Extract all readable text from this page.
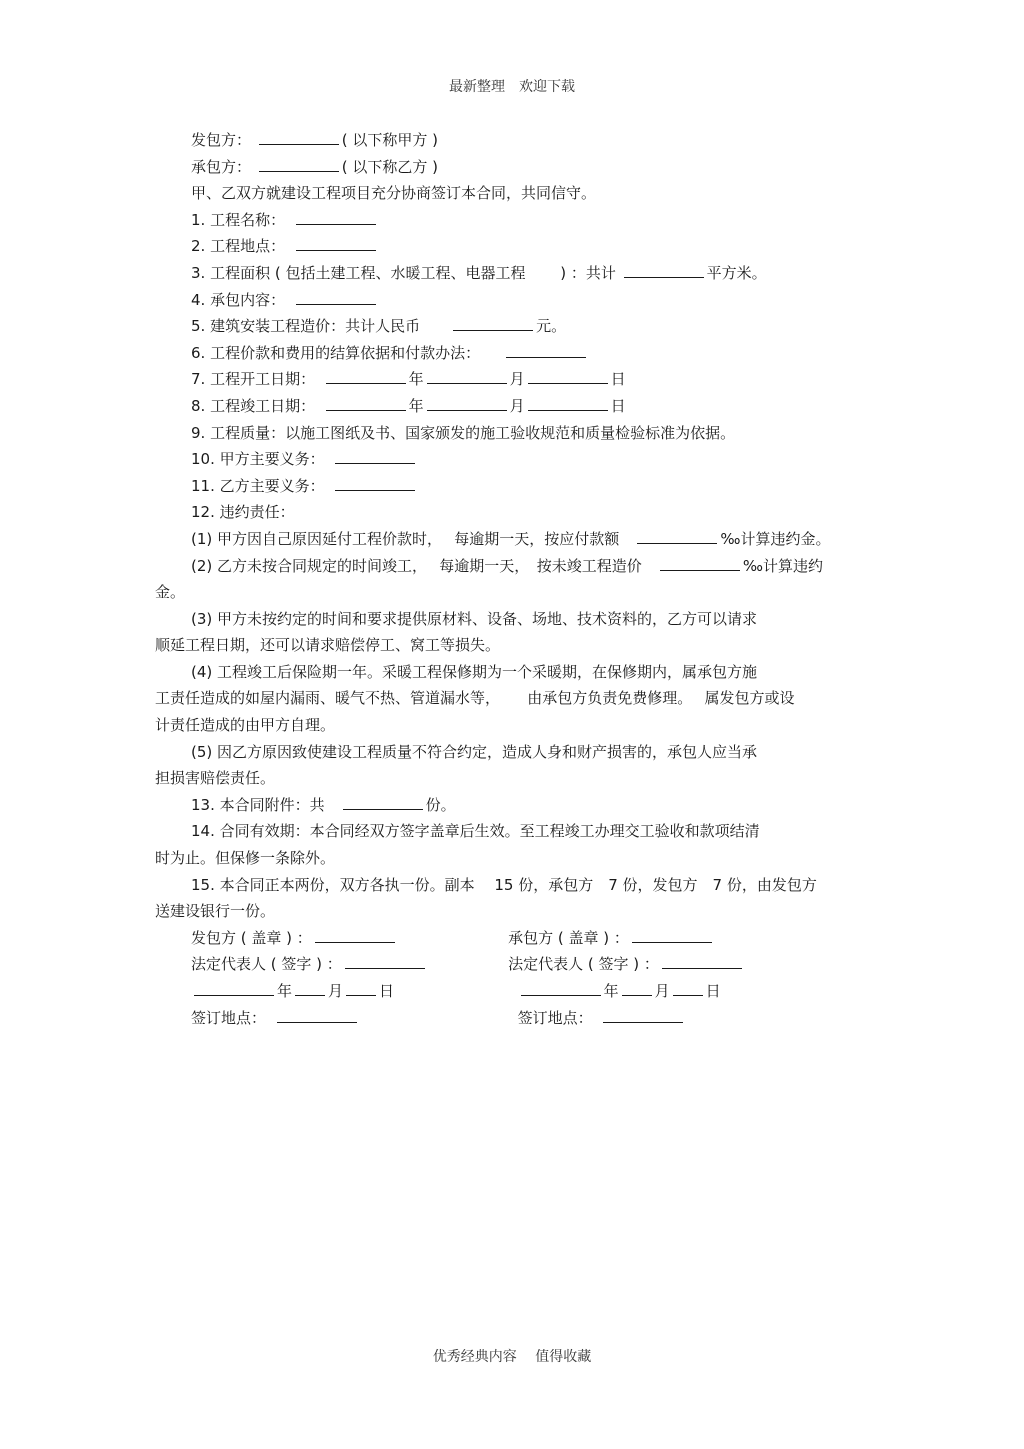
最新整理　欢迎下载

发包方：	( 以下称甲方 )

承包方：	( 以下称乙方 )

甲、乙双方就建设工程项目充分协商签订本合同，共同信守。

1. 工程名称：　

2. 工程地点：　

3. 工程面积 ( 包括土建工程、水暖工程、电器工程　　 ) ：共计	平方米。

4. 承包内容：　

5. 建筑安装工程造价：共计人民币　　	元。

6. 工程价款和费用的结算依据和付款办法：　　

7. 工程开工日期：　	年	月	日

8. 工程竣工日期：　	年	月	日

9. 工程质量：以施工图纸及书、国家颁发的施工验收规范和质量检验标准为依据。

10. 甲方主要义务：　

11. 乙方主要义务：　

12. 违约责任：

(1) 甲方因自己原因延付工程价款时，　 每逾期一天，按应付款额　	‰计算违约金。

(2) 乙方未按合同规定的时间竣工，　 每逾期一天，　按未竣工程造价　	‰计算违约

金。

(3) 甲方未按约定的时间和要求提供原材料、设备、场地、技术资料的，乙方可以请求

顺延工程日期，还可以请求赔偿停工、窝工等损失。

(4) 工程竣工后保险期一年。采暖工程保修期为一个采暖期，在保修期内，属承包方施

工责任造成的如屋内漏雨、暖气不热、管道漏水等，　　 由承包方负责免费修理。　 属发包方或设

计责任造成的由甲方自理。

(5) 因乙方原因致使建设工程质量不符合约定，造成人身和财产损害的，承包人应当承

担损害赔偿责任。

13. 本合同附件：共　	份。

14. 合同有效期：本合同经双方签字盖章后生效。至工程竣工办理交工验收和款项结清

时为止。但保修一条除外。

15. 本合同正本两份，双方各执一份。副本　 15 份，承包方　7 份，发包方　7 份，由发包方

送建设银行一份。

发包方 ( 盖章 ) ：	承包方 ( 盖章 ) ：
法定代表人 ( 签字 ) ：	法定代表人 ( 签字 ) ：
年 月 日	年 月 日
签订地点：　	签订地点：　
优秀经典内容　 值得收藏
